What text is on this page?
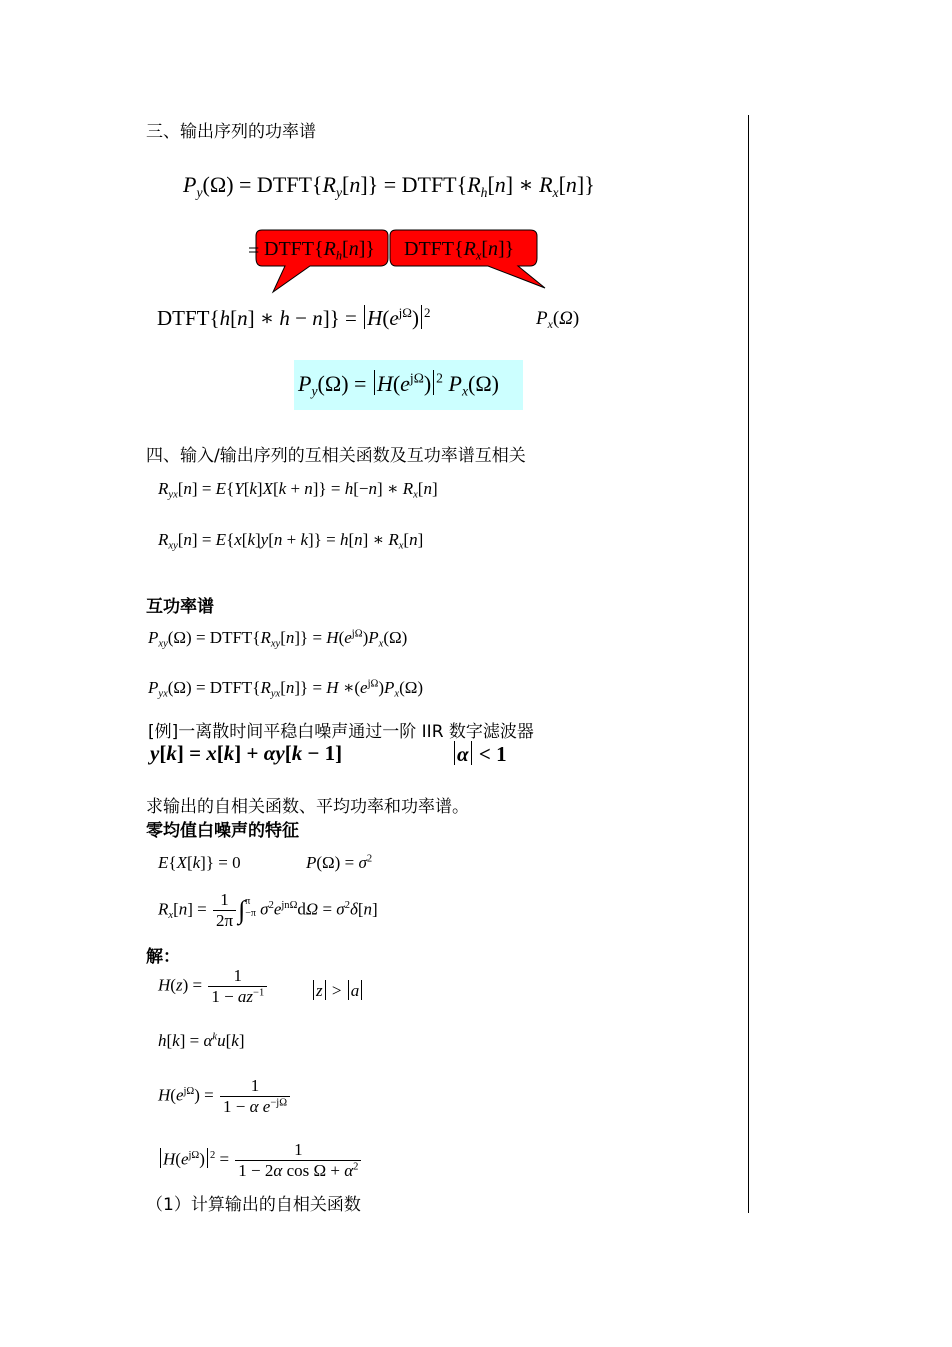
三、输出序列的功率谱
$P_y(\Omega)$ = $DTFT\{R_y[n]\}$ = $DTFT\{R_h[n]$ ∗ $R_x[n]$}
= $DTFT\{R_h[n]\}$ $DTFT\{R_x[n]\}$
DTFT{h[n] ∗ $h - n]\} = H(e^{j\Omega})$ $^2$	$P_x(\Omega)$
$P_y(\Omega) = H(e^{j\Omega})$ $^2$ $P_x(\Omega)$
四、输入/输出序列的互相关函数及互功率谱互相关
$R_{yx}[n] = E\{Y[k]X[k + n]\} = h[-n]$ ∗ $R_x[n]$
$R_{xy}[n] = E\{x[k]y[n + k]\} = h[n]$ ∗ $R_x[n]$
互功率谱
$P_{xy}(\Omega)$ = $DTFT\{R_{xy}[n]\} = H(e^{j\Omega})P_x(\Omega)$
$P_{yx}(\Omega)$ = $DTFT\{R_{yx}[n]\} = H$ $∗(e^{j\Omega})P_x(\Omega)$
[例]一离散时间平稳白噪声通过一阶 IIR 数字滤波器
y[k] = x[k] + αy[k − 1]	α < 1
求输出的自相关函数、平均功率和功率谱。
零均值白噪声的特征
E{X[k]} = 0	$P(\Omega) = \sigma^2$
$R_x[n] = \frac{1}{2\pi}$ ∫ π
−π $\sigma^2e^{jn\Omega}d\Omega = \sigma^2\delta[n]$
解：
$H(z) = \frac{1}{1 - az^{-1}}$	z > a
$h[k] = \alpha^ku[k]$
$H(e^{j\Omega}) = \frac{1}{1 - \alpha e^{-j\Omega}}$
$H(e^{j\Omega}) ^2 = \frac{1}{1 - 2\alpha \cos \Omega + \alpha^2}$
（1）计算输出的自相关函数
